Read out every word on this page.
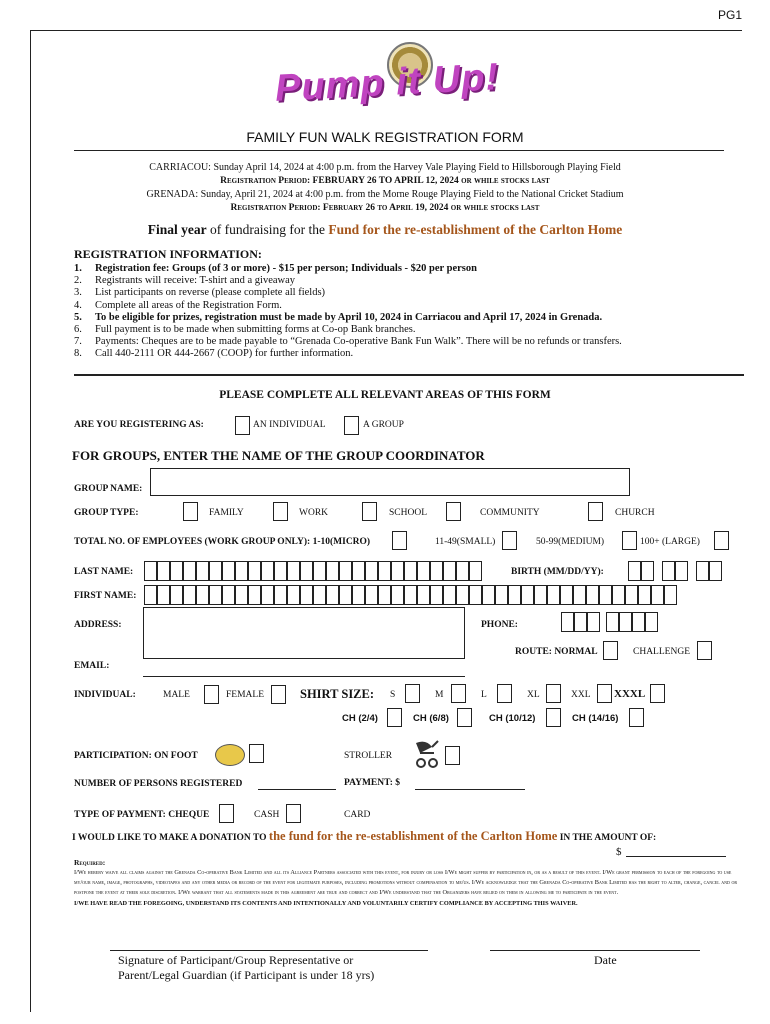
PG1
Pump it Up!
FAMILY FUN WALK REGISTRATION FORM
CARRIACOU: Sunday April 14, 2024 at 4:00 p.m. from the Harvey Vale Playing Field to Hillsborough Playing Field
Registration Period: FEBRUARY 26 TO APRIL 12, 2024 or while stocks last
GRENADA: Sunday, April 21, 2024 at 4:00 p.m. from the Morne Rouge Playing Field to the National Cricket Stadium
Registration Period: February 26 to April 19, 2024 or while stocks last
Final year of fundraising for the Fund for the re-establishment of the Carlton Home
REGISTRATION INFORMATION:
1.	Registration fee: Groups (of 3 or more) - $15 per person; Individuals - $20 per person
2.	Registrants will receive: T-shirt and a giveaway
3.	List participants on reverse (please complete all fields)
4.	Complete all areas of the Registration Form.
5.	To be eligible for prizes, registration must be made by April 10, 2024 in Carriacou and April 17, 2024 in Grenada.
6.	Full payment is to be made when submitting forms at Co-op Bank branches.
7.	Payments: Cheques are to be made payable to “Grenada Co-operative Bank Fun Walk”. There will be no refunds or transfers.
8.	Call 440-2111 OR 444-2667 (COOP) for further information.
PLEASE COMPLETE ALL RELEVANT AREAS OF THIS FORM
ARE YOU REGISTERING AS:	AN INDIVIDUAL	A GROUP
FOR GROUPS, ENTER THE NAME OF THE GROUP COORDINATOR
GROUP NAME:
GROUP TYPE:	FAMILY	WORK	SCHOOL	COMMUNITY	CHURCH
TOTAL NO. OF EMPLOYEES (WORK GROUP ONLY): 1-10(MICRO)	11-49(SMALL)	50-99(MEDIUM)	100+ (LARGE)
LAST NAME:	BIRTH (MM/DD/YY):
FIRST NAME:
ADDRESS:	PHONE:
ROUTE: NORMAL	CHALLENGE
EMAIL:
INDIVIDUAL:	MALE	FEMALE	SHIRT SIZE: S	M	L	XL	XXL XXXL
CH (2/4)	CH (6/8)	CH (10/12)	CH (14/16)
PARTICIPATION: ON FOOT	STROLLER
NUMBER OF PERSONS REGISTERED	PAYMENT: $
TYPE OF PAYMENT: CHEQUE	CASH	CARD
I WOULD LIKE TO MAKE A DONATION TO the fund for the re-establishment of the Carlton Home IN THE AMOUNT OF:
$
Required:
I/We hereby waive all claims against the Grenada Co-operative Bank Limited and all its Alliance Partners associated with this event, for injury or loss I/We might suffer by participation in, or as a result of this event. I/We grant permission to each of the foregoing to use my/our name, image, photographs, videotapes and any other media or record of the event for legitimate purposes, including promotions without compensation to me/us. I/We acknowledge that the Grenada Co-operative Bank Limited has the right to alter, change, cancel and or postpone the event at their sole discretion. I/We warrant that all statements made in this agreement are true and correct and I/We understand that the Organizers have relied on them in allowing me to participate in the event.
I/WE HAVE READ THE FOREGOING, UNDERSTAND ITS CONTENTS AND INTENTIONALLY AND VOLUNTARILY CERTIFY COMPLIANCE BY ACCEPTING THIS WAIVER.
Signature of Participant/Group Representative or
Parent/Legal Guardian (if Participant is under 18 yrs)
Date
